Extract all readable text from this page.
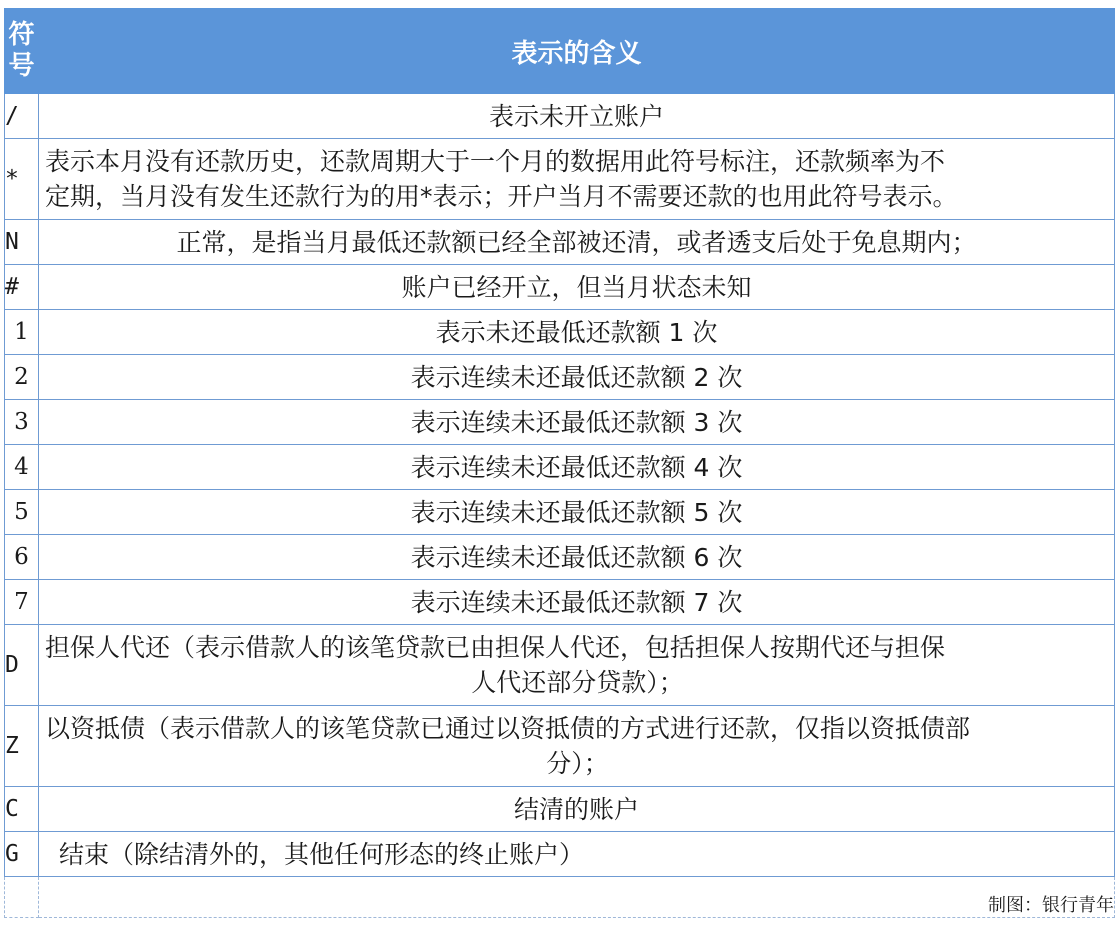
符号	表示的含义
/	表示未开立账户
*	表示本月没有还款历史，还款周期大于一个月的数据用此符号标注，还款频率为不
定期，当月没有发生还款行为的用*表示；开户当月不需要还款的也用此符号表示。
N	正常，是指当月最低还款额已经全部被还清，或者透支后处于免息期内；
#	账户已经开立，但当月状态未知
1	表示未还最低还款额 1 次
2	表示连续未还最低还款额 2 次
3	表示连续未还最低还款额 3 次
4	表示连续未还最低还款额 4 次
5	表示连续未还最低还款额 5 次
6	表示连续未还最低还款额 6 次
7	表示连续未还最低还款额 7 次
D	担保人代还（表示借款人的该笔贷款已由担保人代还，包括担保人按期代还与担保
人代还部分贷款）；

Z	以资抵债（表示借款人的该笔贷款已通过以资抵债的方式进行还款，仅指以资抵债部
分）；

C	结清的账户
G	结束（除结清外的，其他任何形态的终止账户）
	制图：银行青年
